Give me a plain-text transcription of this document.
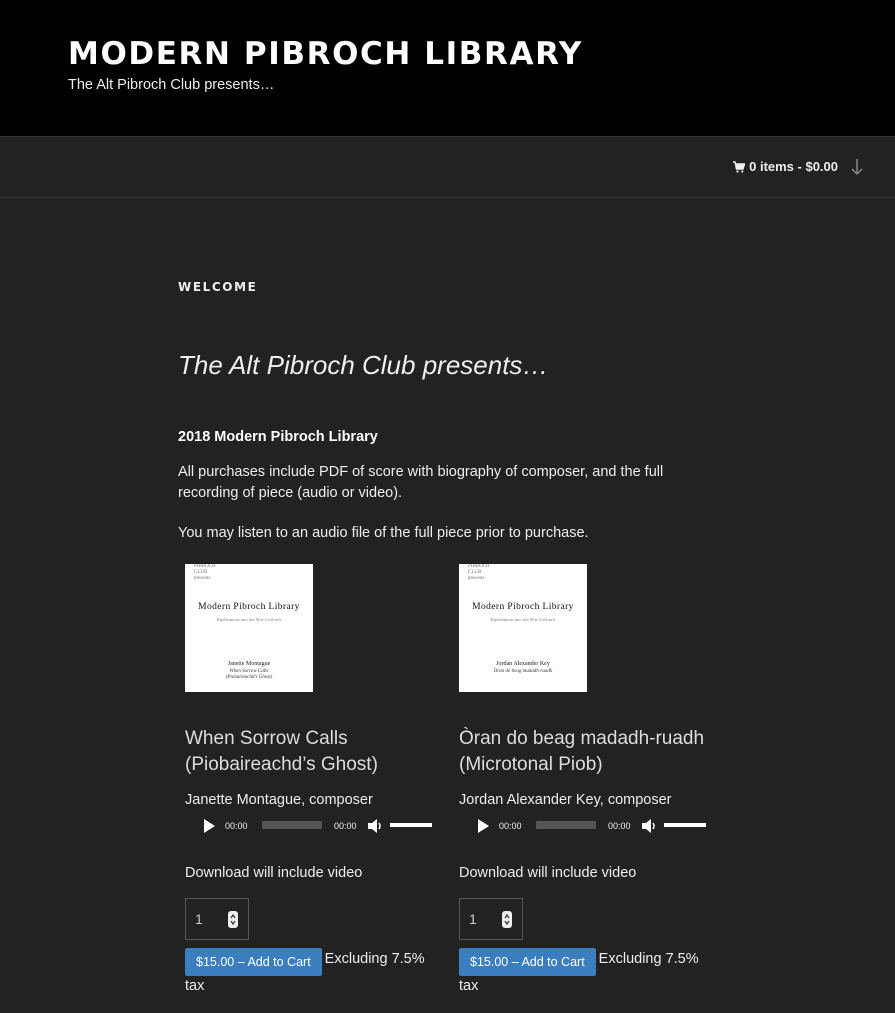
MODERN PIBROCH LIBRARY
The Alt Pibroch Club presents…
0 items - $0.00
WELCOME
The Alt Pibroch Club presents…
2018 Modern Pibroch Library

All purchases include PDF of score with biography of composer, and the full recording of piece (audio or video).

You may listen to an audio file of the full piece prior to purchase.

PIBROCH
CLUB
presents
Modern Pibroch Library
Explorations into the New Ceòl mòr
Janette Montague
When Sorrow Calls
(Piobaireachd's Ghost)
When Sorrow Calls (Piobaireachd’s Ghost)
Janette Montague, composer
00:00	00:00
Download will include video
1
$15.00 – Add to Cart Excluding 7.5%
tax
PIBROCH
CLUB
presents
Modern Pibroch Library
Explorations into the New Ceòl mòr
Jordan Alexander Key
Òran do beag madadh-ruadh
Òran do beag madadh-ruadh (Microtonal Piob)
Jordan Alexander Key, composer
00:00	00:00
Download will include video
1
$15.00 – Add to Cart Excluding 7.5%
tax
